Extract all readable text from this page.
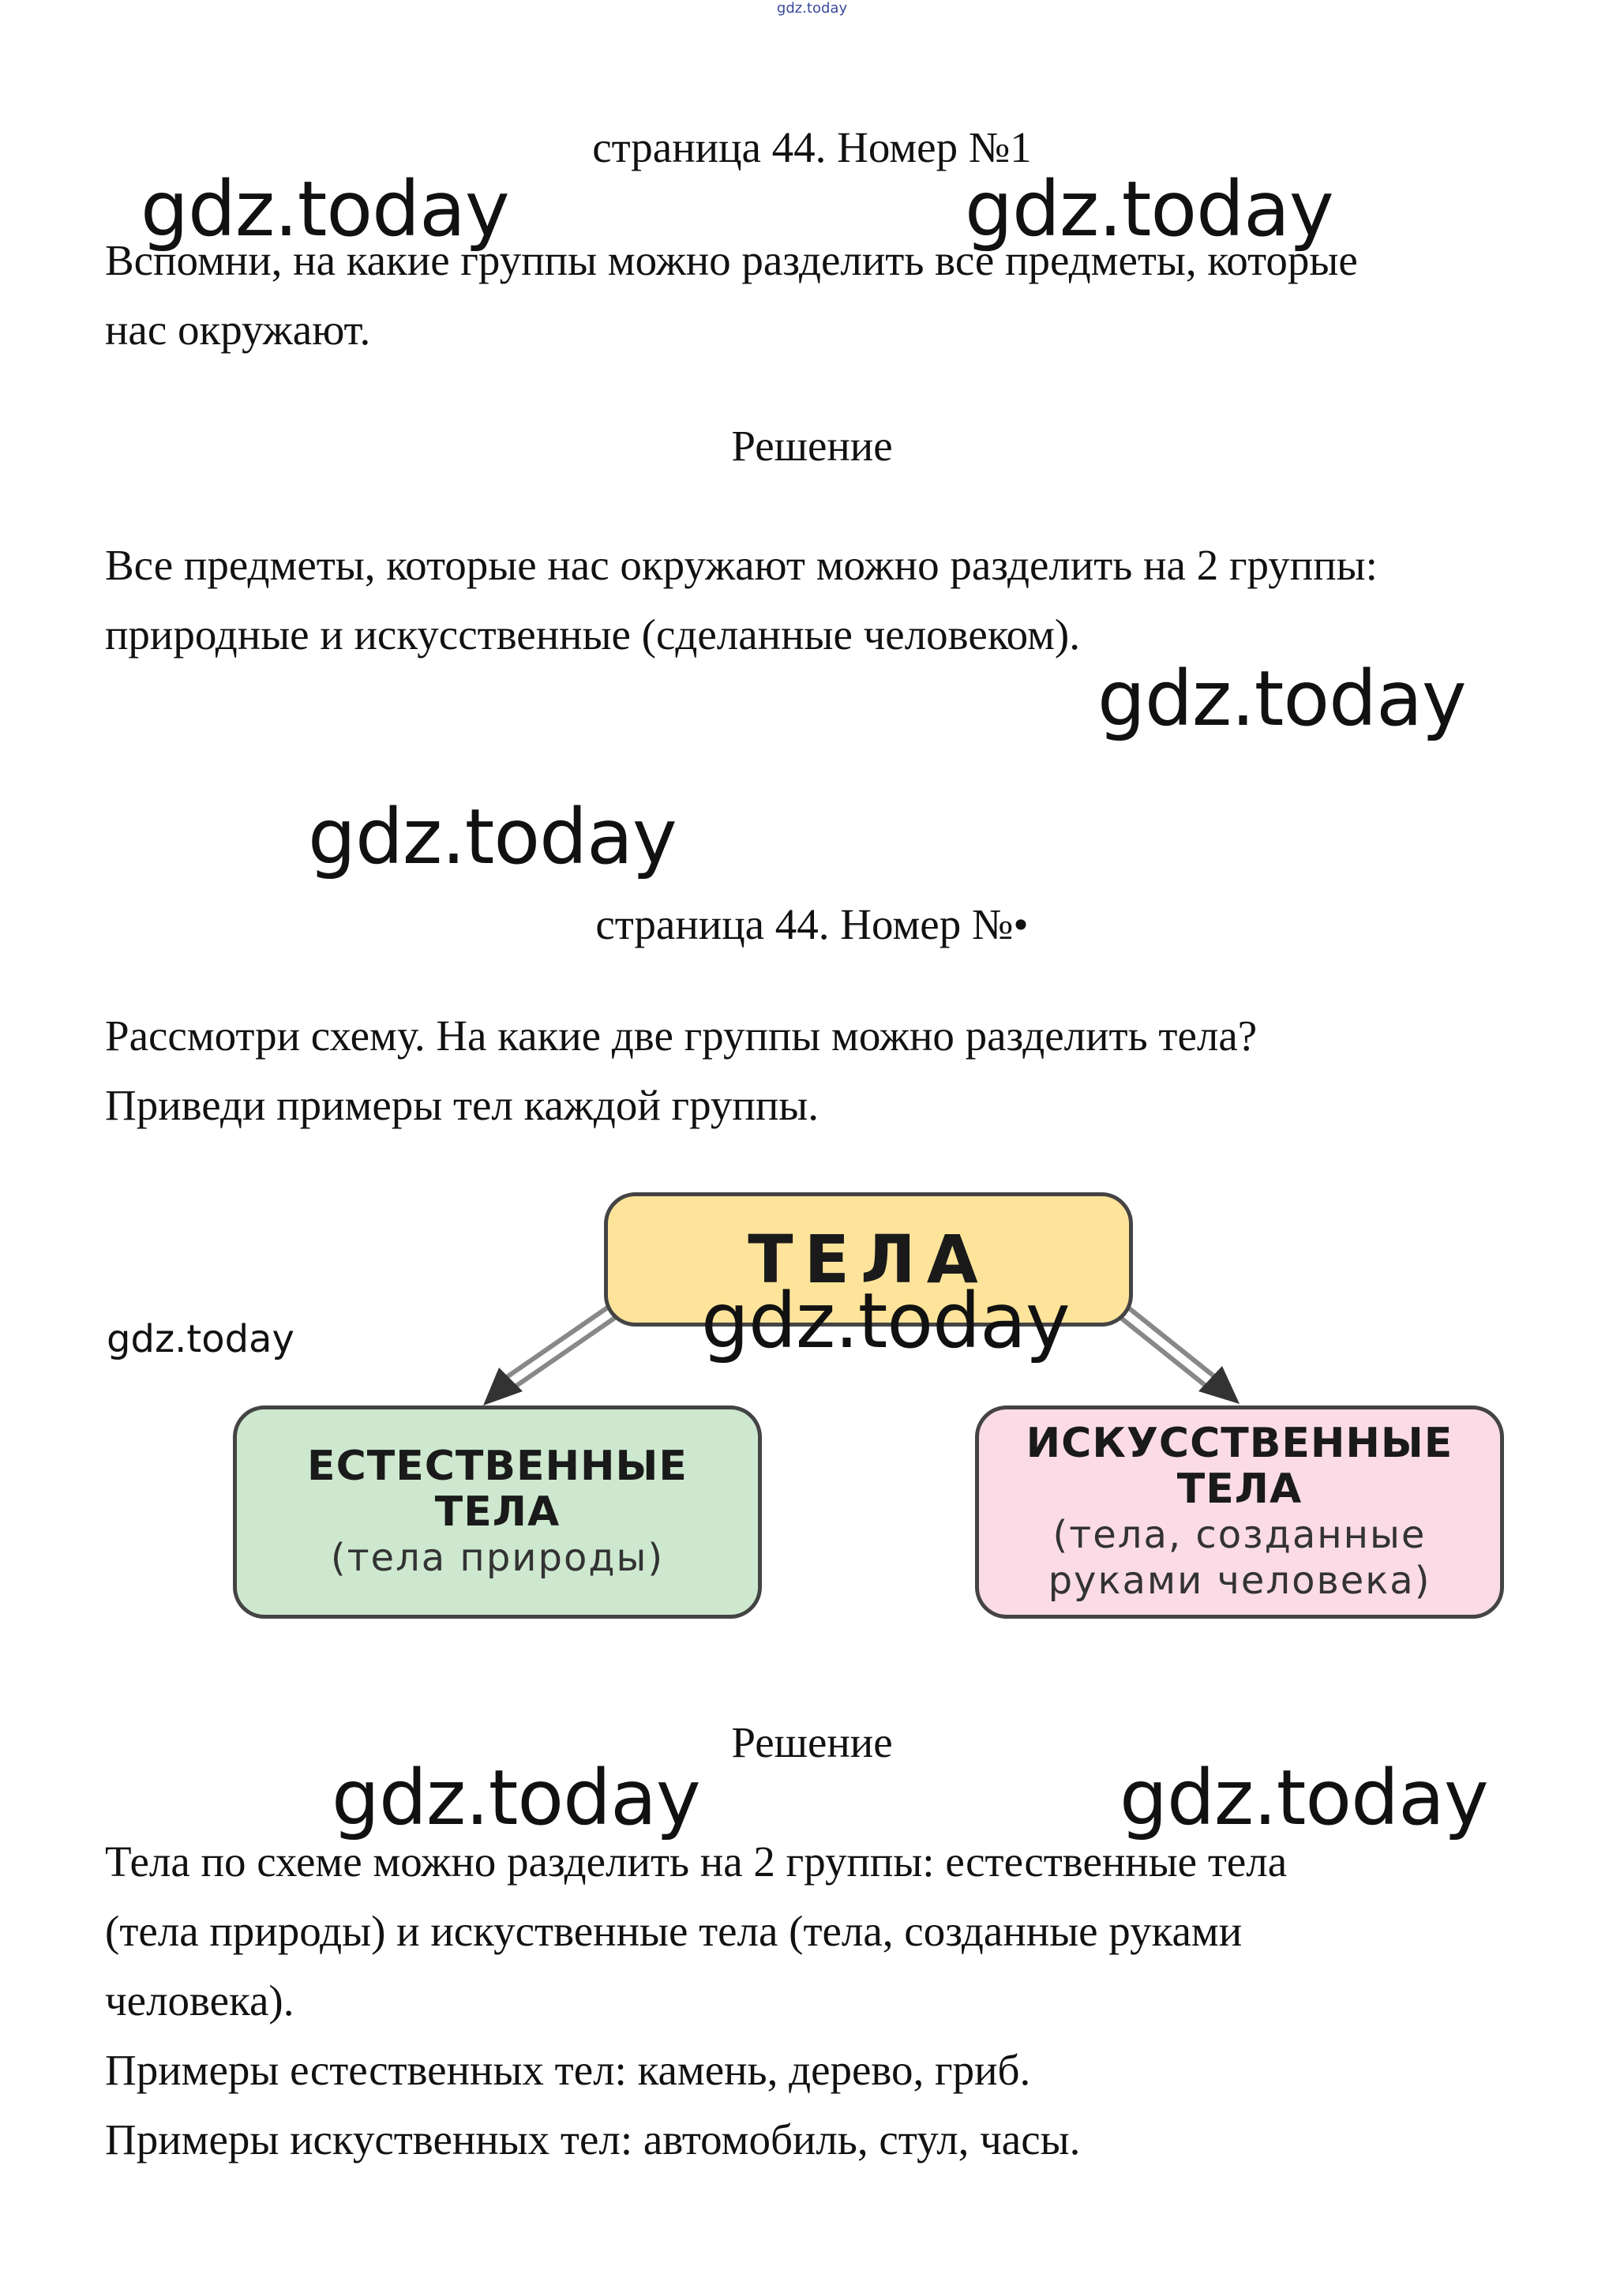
gdz.today
страница 44. Номер №1
Вспомни, на какие группы можно разделить все предметы, которые
нас окружают.
Решение
Все предметы, которые нас окружают можно разделить на 2 группы:
природные и искусственные (сделанные человеком).
страница 44. Номер №•
Рассмотри схему. На какие две группы можно разделить тела?
Приведи примеры тел каждой группы.
ТЕЛА
ЕСТЕСТВЕННЫЕ
ТЕЛА
(тела природы)
ИСКУССТВЕННЫЕ
ТЕЛА
(тела, созданные
руками человека)
Решение
Тела по схеме можно разделить на 2 группы: естественные тела
(тела природы) и искуственные тела (тела, созданные руками
человека).
Примеры естественных тел: камень, дерево, гриб.
Примеры искуственных тел: автомобиль, стул, часы.
gdz.today	gdz.today
gdz.today
gdz.today
gdz.today	gdz.today
gdz.today	gdz.today
